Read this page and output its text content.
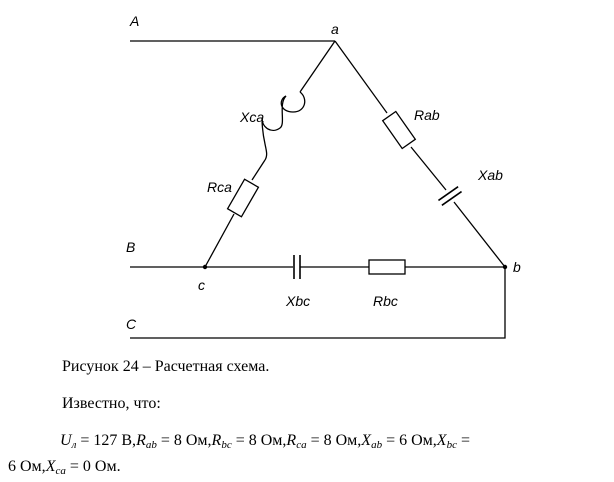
A
B
C
a
b
c
Xca
Rca
Rab
Xab
Xbc	Rbc
Рисунок 24 – Расчетная схема.
Известно, что:
$U_л = 127$ $В,R_{ab} = 8$ $Ом,R_{bc} = 8$ $Ом,R_{ca} = 8$ $Ом,X_{ab} = 6$ $Ом,X_{bc}$ =
6 $Ом,X_{ca} = 0$ Ом.
